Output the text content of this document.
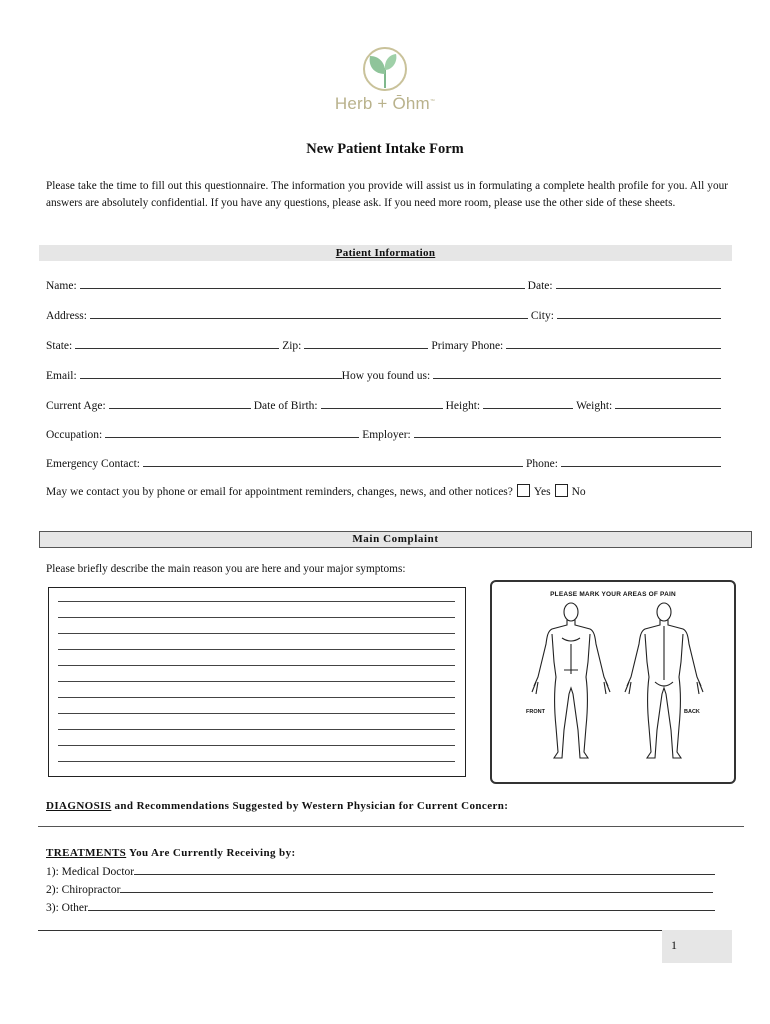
Herb + Ōhm™
New Patient Intake Form
Please take the time to fill out this questionnaire. The information you provide will assist us in formulating a complete health profile for you. All your answers are absolutely confidential. If you have any questions, please ask. If you need more room, please use the other side of these sheets.
Patient Information
Name:	Date:
Address:	City:
State:	Zip:	Primary Phone:
Email:	How you found us:
Current Age:	Date of Birth:	Height:	Weight:
Occupation:	Employer:
Emergency Contact:	Phone:
May we contact you by phone or email for appointment reminders, changes, news, and other notices? Yes No
Main Complaint
Please briefly describe the main reason you are here and your major symptoms:
PLEASE MARK YOUR AREAS OF PAIN
FRONT	BACK
DIAGNOSIS and Recommendations Suggested by Western Physician for Current Concern:
TREATMENTS You Are Currently Receiving by:
1): Medical Doctor
2): Chiropractor
3): Other
1
